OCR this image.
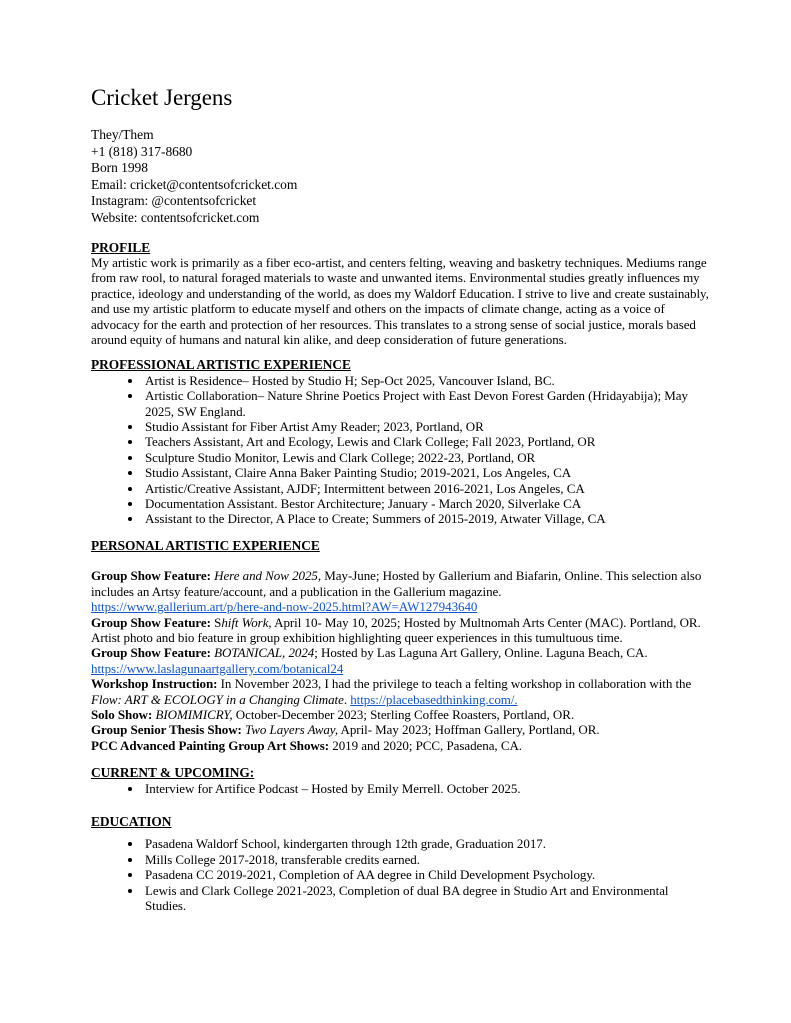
Cricket Jergens
They/Them
+1 (818) 317-8680
Born 1998
Email: cricket@contentsofcricket.com
Instagram: @contentsofcricket
Website: contentsofcricket.com
PROFILE

My artistic work is primarily as a fiber eco-artist, and centers felting, weaving and basketry techniques. Mediums range from raw rool, to natural foraged materials to waste and unwanted items. Environmental studies greatly influences my practice, ideology and understanding of the world, as does my Waldorf Education. I strive to live and create sustainably, and use my artistic platform to educate myself and others on the impacts of climate change, acting as a voice of advocacy for the earth and protection of her resources. This translates to a strong sense of social justice, morals based around equity of humans and natural kin alike, and deep consideration of future generations.

PROFESSIONAL ARTISTIC EXPERIENCE
• Artist is Residence– Hosted by Studio H; Sep-Oct 2025, Vancouver Island, BC.
• Artistic Collaboration– Nature Shrine Poetics Project with East Devon Forest Garden (Hridayabija); May 2025, SW England.
• Studio Assistant for Fiber Artist Amy Reader; 2023, Portland, OR
• Teachers Assistant, Art and Ecology, Lewis and Clark College; Fall 2023, Portland, OR
• Sculpture Studio Monitor, Lewis and Clark College; 2022-23, Portland, OR
• Studio Assistant, Claire Anna Baker Painting Studio; 2019-2021, Los Angeles, CA
• Artistic/Creative Assistant, AJDF; Intermittent between 2016-2021, Los Angeles, CA
• Documentation Assistant. Bestor Architecture; January - March 2020, Silverlake CA
• Assistant to the Director, A Place to Create; Summers of 2015-2019, Atwater Village, CA
PERSONAL ARTISTIC EXPERIENCE

Group Show Feature: Here and Now 2025, May-June; Hosted by Gallerium and Biafarin, Online. This selection also includes an Artsy feature/account, and a publication in the Gallerium magazine.

https://www.gallerium.art/p/here-and-now-2025.html?AW=AW127943640

Group Show Feature: Shift Work, April 10- May 10, 2025; Hosted by Multnomah Arts Center (MAC). Portland, OR. Artist photo and bio feature in group exhibition highlighting queer experiences in this tumultuous time.

Group Show Feature: BOTANICAL, 2024; Hosted by Las Laguna Art Gallery, Online. Laguna Beach, CA.

https://www.laslagunaartgallery.com/botanical24

Workshop Instruction: In November 2023, I had the privilege to teach a felting workshop in collaboration with the Flow: ART & ECOLOGY in a Changing Climate. https://placebasedthinking.com/.

Solo Show: BIOMIMICRY, October-December 2023; Sterling Coffee Roasters, Portland, OR.

Group Senior Thesis Show: Two Layers Away, April- May 2023; Hoffman Gallery, Portland, OR.

PCC Advanced Painting Group Art Shows: 2019 and 2020; PCC, Pasadena, CA.

CURRENT & UPCOMING:
• Interview for Artifice Podcast – Hosted by Emily Merrell. October 2025.
EDUCATION
• Pasadena Waldorf School, kindergarten through 12th grade, Graduation 2017.
• Mills College 2017-2018, transferable credits earned.
• Pasadena CC 2019-2021, Completion of AA degree in Child Development Psychology.
• Lewis and Clark College 2021-2023, Completion of dual BA degree in Studio Art and Environmental Studies.
